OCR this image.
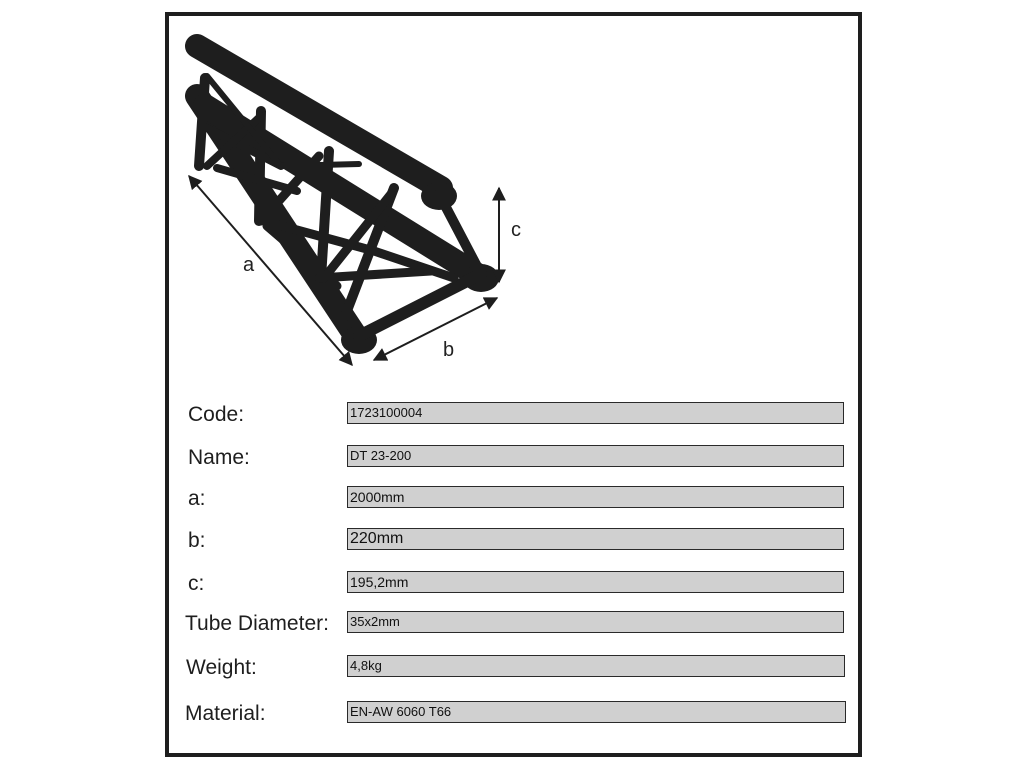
a
b
c
Code:	1723100004
Name:	DT 23-200
a:	2000mm
b:	220mm
c:	195,2mm
Tube Diameter: 35x2mm
Weight:	4,8kg
Material:	EN-AW 6060 T66
